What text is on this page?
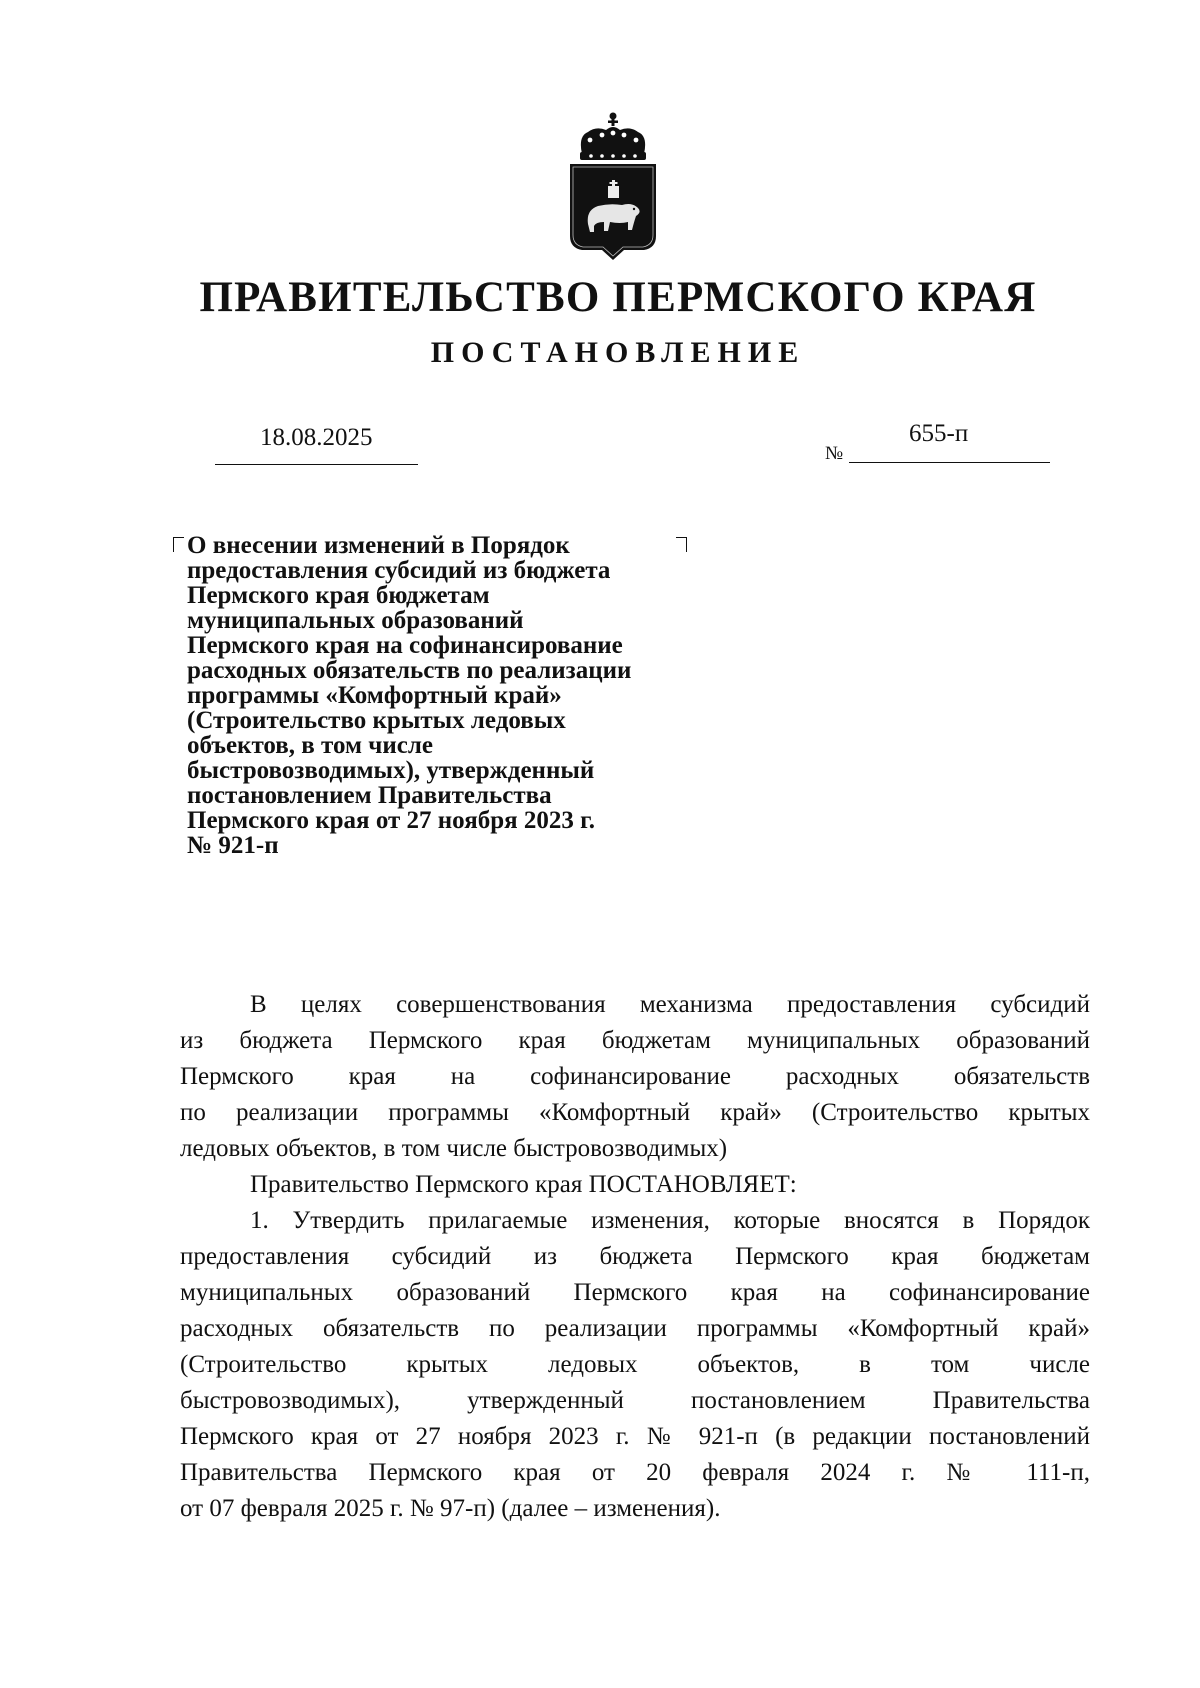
ПРАВИТЕЛЬСТВО ПЕРМСКОГО КРАЯ
ПОСТАНОВЛЕНИЕ
18.08.2025
№
655-п
О внесении изменений в Порядок
предоставления субсидий из бюджета
Пермского края бюджетам
муниципальных образований
Пермского края на софинансирование
расходных обязательств по реализации
программы «Комфортный край»
(Строительство крытых ледовых
объектов, в том числе
быстровозводимых), утвержденный
постановлением Правительства
Пермского края от 27 ноября 2023 г.
№ 921-п
В целях совершенствования механизма предоставления субсидий
из бюджета Пермского края бюджетам муниципальных образований
Пермского края на софинансирование расходных обязательств
по реализации программы «Комфортный край» (Строительство крытых
ледовых объектов, в том числе быстровозводимых)
Правительство Пермского края ПОСТАНОВЛЯЕТ:
1. Утвердить прилагаемые изменения, которые вносятся в Порядок
предоставления субсидий из бюджета Пермского края бюджетам
муниципальных образований Пермского края на софинансирование
расходных обязательств по реализации программы «Комфортный край»
(Строительство крытых ледовых объектов, в том числе
быстровозводимых), утвержденный постановлением Правительства
Пермского края от 27 ноября 2023 г. № 921-п (в редакции постановлений
Правительства Пермского края от 20 февраля 2024 г. № 111-п,
от 07 февраля 2025 г. № 97-п) (далее – изменения).
